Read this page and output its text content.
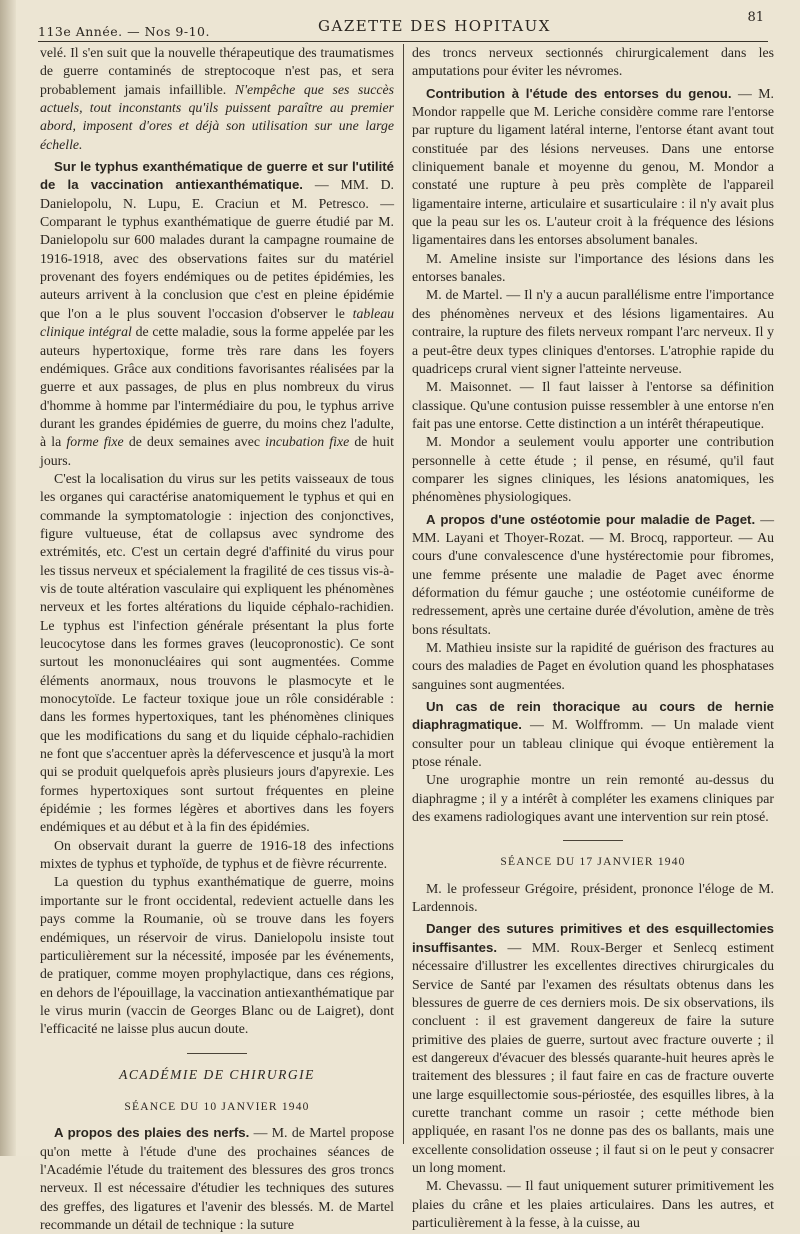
113e Année. — Nos 9-10.	GAZETTE DES HOPITAUX	81

velé. Il s'en suit que la nouvelle thérapeutique des traumatismes de guerre contaminés de streptocoque n'est pas, et sera probablement jamais infaillible. N'empêche que ses succès actuels, tout inconstants qu'ils puissent paraître au premier abord, imposent d'ores et déjà son utilisation sur une large échelle.

Sur le typhus exanthématique de guerre et sur l'utilité de la vaccination antiexanthématique. — MM. D. Danielopolu, N. Lupu, E. Craciun et M. Petresco. — Comparant le typhus exanthématique de guerre étudié par M. Danielopolu sur 600 malades durant la campagne roumaine de 1916-1918, avec des observations faites sur du matériel provenant des foyers endémiques ou de petites épidémies, les auteurs arrivent à la conclusion que c'est en pleine épidémie que l'on a le plus souvent l'occasion d'observer le tableau clinique intégral de cette maladie, sous la forme appelée par les auteurs hypertoxique, forme très rare dans les foyers endémiques. Grâce aux conditions favorisantes réalisées par la guerre et aux passages, de plus en plus nombreux du virus d'homme à homme par l'intermédiaire du pou, le typhus arrive durant les grandes épidémies de guerre, du moins chez l'adulte, à la forme fixe de deux semaines avec incubation fixe de huit jours.

C'est la localisation du virus sur les petits vaisseaux de tous les organes qui caractérise anatomiquement le typhus et qui en commande la symptomatologie : injection des conjonctives, figure vultueuse, état de collapsus avec syndrome des extrémités, etc. C'est un certain degré d'affinité du virus pour les tissus nerveux et spécialement la fragilité de ces tissus vis-à-vis de toute altération vasculaire qui expliquent les phénomènes nerveux et les fortes altérations du liquide céphalo-rachidien. Le typhus est l'infection générale présentant la plus forte leucocytose dans les formes graves (leucopronostic). Ce sont surtout les mononucléaires qui sont augmentées. Comme éléments anormaux, nous trouvons le plasmocyte et le monocytoïde. Le facteur toxique joue un rôle considérable : dans les formes hypertoxiques, tant les phénomènes cliniques que les modifications du sang et du liquide céphalo-rachidien ne font que s'accentuer après la défervescence et jusqu'à la mort qui se produit quelquefois après plusieurs jours d'apyrexie. Les formes hypertoxiques sont surtout fréquentes en pleine épidémie ; les formes légères et abortives dans les foyers endémiques et au début et à la fin des épidémies.

On observait durant la guerre de 1916-18 des infections mixtes de typhus et typhoïde, de typhus et de fièvre récurrente.

La question du typhus exanthématique de guerre, moins importante sur le front occidental, redevient actuelle dans les pays comme la Roumanie, où se trouve dans les foyers endémiques, un réservoir de virus. Danielopolu insiste tout particulièrement sur la nécessité, imposée par les événements, de pratiquer, comme moyen prophylactique, dans ces régions, en dehors de l'épouillage, la vaccination antiexanthématique par le virus murin (vaccin de Georges Blanc ou de Laigret), dont l'efficacité ne laisse plus aucun doute.

ACADÉMIE DE CHIRURGIE
SÉANCE DU 10 JANVIER 1940

A propos des plaies des nerfs. — M. de Martel propose qu'on mette à l'étude d'une des prochaines séances de l'Académie l'étude du traitement des blessures des gros troncs nerveux. Il est nécessaire d'étudier les techniques des sutures des greffes, des ligatures et l'avenir des blessés. M. de Martel recommande un détail de technique : la suture

des troncs nerveux sectionnés chirurgicalement dans les amputations pour éviter les névromes.

Contribution à l'étude des entorses du genou. — M. Mondor rappelle que M. Leriche considère comme rare l'entorse par rupture du ligament latéral interne, l'entorse étant avant tout constituée par des lésions nerveuses. Dans une entorse cliniquement banale et moyenne du genou, M. Mondor a constaté une rupture à peu près complète de l'appareil ligamentaire interne, articulaire et susarticulaire : il n'y avait plus que la peau sur les os. L'auteur croit à la fréquence des lésions ligamentaires dans les entorses absolument banales.

M. Ameline insiste sur l'importance des lésions dans les entorses banales.

M. de Martel. — Il n'y a aucun parallélisme entre l'importance des phénomènes nerveux et des lésions ligamentaires. Au contraire, la rupture des filets nerveux rompant l'arc nerveux. Il y a peut-être deux types cliniques d'entorses. L'atrophie rapide du quadriceps crural vient signer l'atteinte nerveuse.

M. Maisonnet. — Il faut laisser à l'entorse sa définition classique. Qu'une contusion puisse ressembler à une entorse n'en fait pas une entorse. Cette distinction a un intérêt thérapeutique.

M. Mondor a seulement voulu apporter une contribution personnelle à cette étude ; il pense, en résumé, qu'il faut comparer les signes cliniques, les lésions anatomiques, les phénomènes physiologiques.

A propos d'une ostéotomie pour maladie de Paget. — MM. Layani et Thoyer-Rozat. — M. Brocq, rapporteur. — Au cours d'une convalescence d'une hystérectomie pour fibromes, une femme présente une maladie de Paget avec énorme déformation du fémur gauche ; une ostéotomie cunéiforme de redressement, après une certaine durée d'évolution, amène de très bons résultats.

M. Mathieu insiste sur la rapidité de guérison des fractures au cours des maladies de Paget en évolution quand les phosphatases sanguines sont augmentées.

Un cas de rein thoracique au cours de hernie diaphragmatique. — M. Wolffromm. — Un malade vient consulter pour un tableau clinique qui évoque entièrement la ptose rénale.

Une urographie montre un rein remonté au-dessus du diaphragme ; il y a intérêt à compléter les examens cliniques par des examens radiologiques avant une intervention sur rein ptosé.

SÉANCE DU 17 JANVIER 1940

M. le professeur Grégoire, président, prononce l'éloge de M. Lardennois.

Danger des sutures primitives et des esquillectomies insuffisantes. — MM. Roux-Berger et Senlecq estiment nécessaire d'illustrer les excellentes directives chirurgicales du Service de Santé par l'examen des résultats obtenus dans les blessures de guerre de ces derniers mois. De six observations, ils concluent : il est gravement dangereux de faire la suture primitive des plaies de guerre, surtout avec fracture ouverte ; il est dangereux d'évacuer des blessés quarante-huit heures après le traitement des blessures ; il faut faire en cas de fracture ouverte une large esquillectomie sous-périostée, des esquilles libres, à la curette tranchant comme un rasoir ; cette méthode bien appliquée, en rasant l'os ne donne pas des os ballants, mais une excellente consolidation osseuse ; il faut si on le peut y consacrer un long moment.

M. Chevassu. — Il faut uniquement suturer primitivement les plaies du crâne et les plaies articulaires. Dans les autres, et particulièrement à la fesse, à la cuisse, au
